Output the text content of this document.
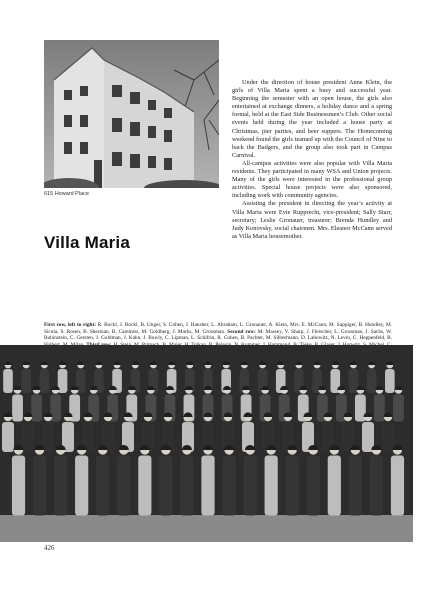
615 Howard Place
Villa Maria

Under the direction of house president Anne Klein, the girls of Villa Maria spent a busy and successful year. Beginning the semester with an open house, the girls also entertained at exchange dinners, a holiday dance and a spring formal, held at the East Side Businessmen’s Club. Other social events held during the year included a house party at Christmas, pier parties, and beer suppers. The Homecoming weekend found the girls teamed up with the Council of Nine to back the Badgers, and the group also took part in Campus Carnival.

All-campus activities were also popular with Villa Maria residents. They participated in many WSA and Union projects. Many of the girls were interested in the professional group activities. Special house projects were also sponsored, including work with community agencies.

Assisting the president in directing the year’s activity at Villa Maria were Evie Rupprecht, vice-president; Sally Starr, secretary; Leslie Gronauer, treasurer; Brenda Hundley and Judy Konovsky, social chairmen. Mrs. Eleanor McCann served as Villa Maria housemother.

First row, left to right: R. Bockl, J. Bockl, B. Unger, S. Cohen, J. Hansher, L. Abraham, L. Gronauer, A. Klein, Mrs. E. McCann, M. Suppiger, B. Hundley, M. Sicula, S. Rosen, B. Sherman, B. Cammiss, M. Goldberg, J. Marks, M. Grossman. Second row: M. Massey, V. Sharp, J. Fleischer, L. Grossman, J. Sachs, W. Rubinstein, C. Gersten, J. Goldman, J. Kahn, J. Bowly, C. Lipman, L. Schifrin, R. Cohen, B. Pachter, M. Silbermann, D. Labowitz, N. Levin, C. Heppenfeld, B.
426
